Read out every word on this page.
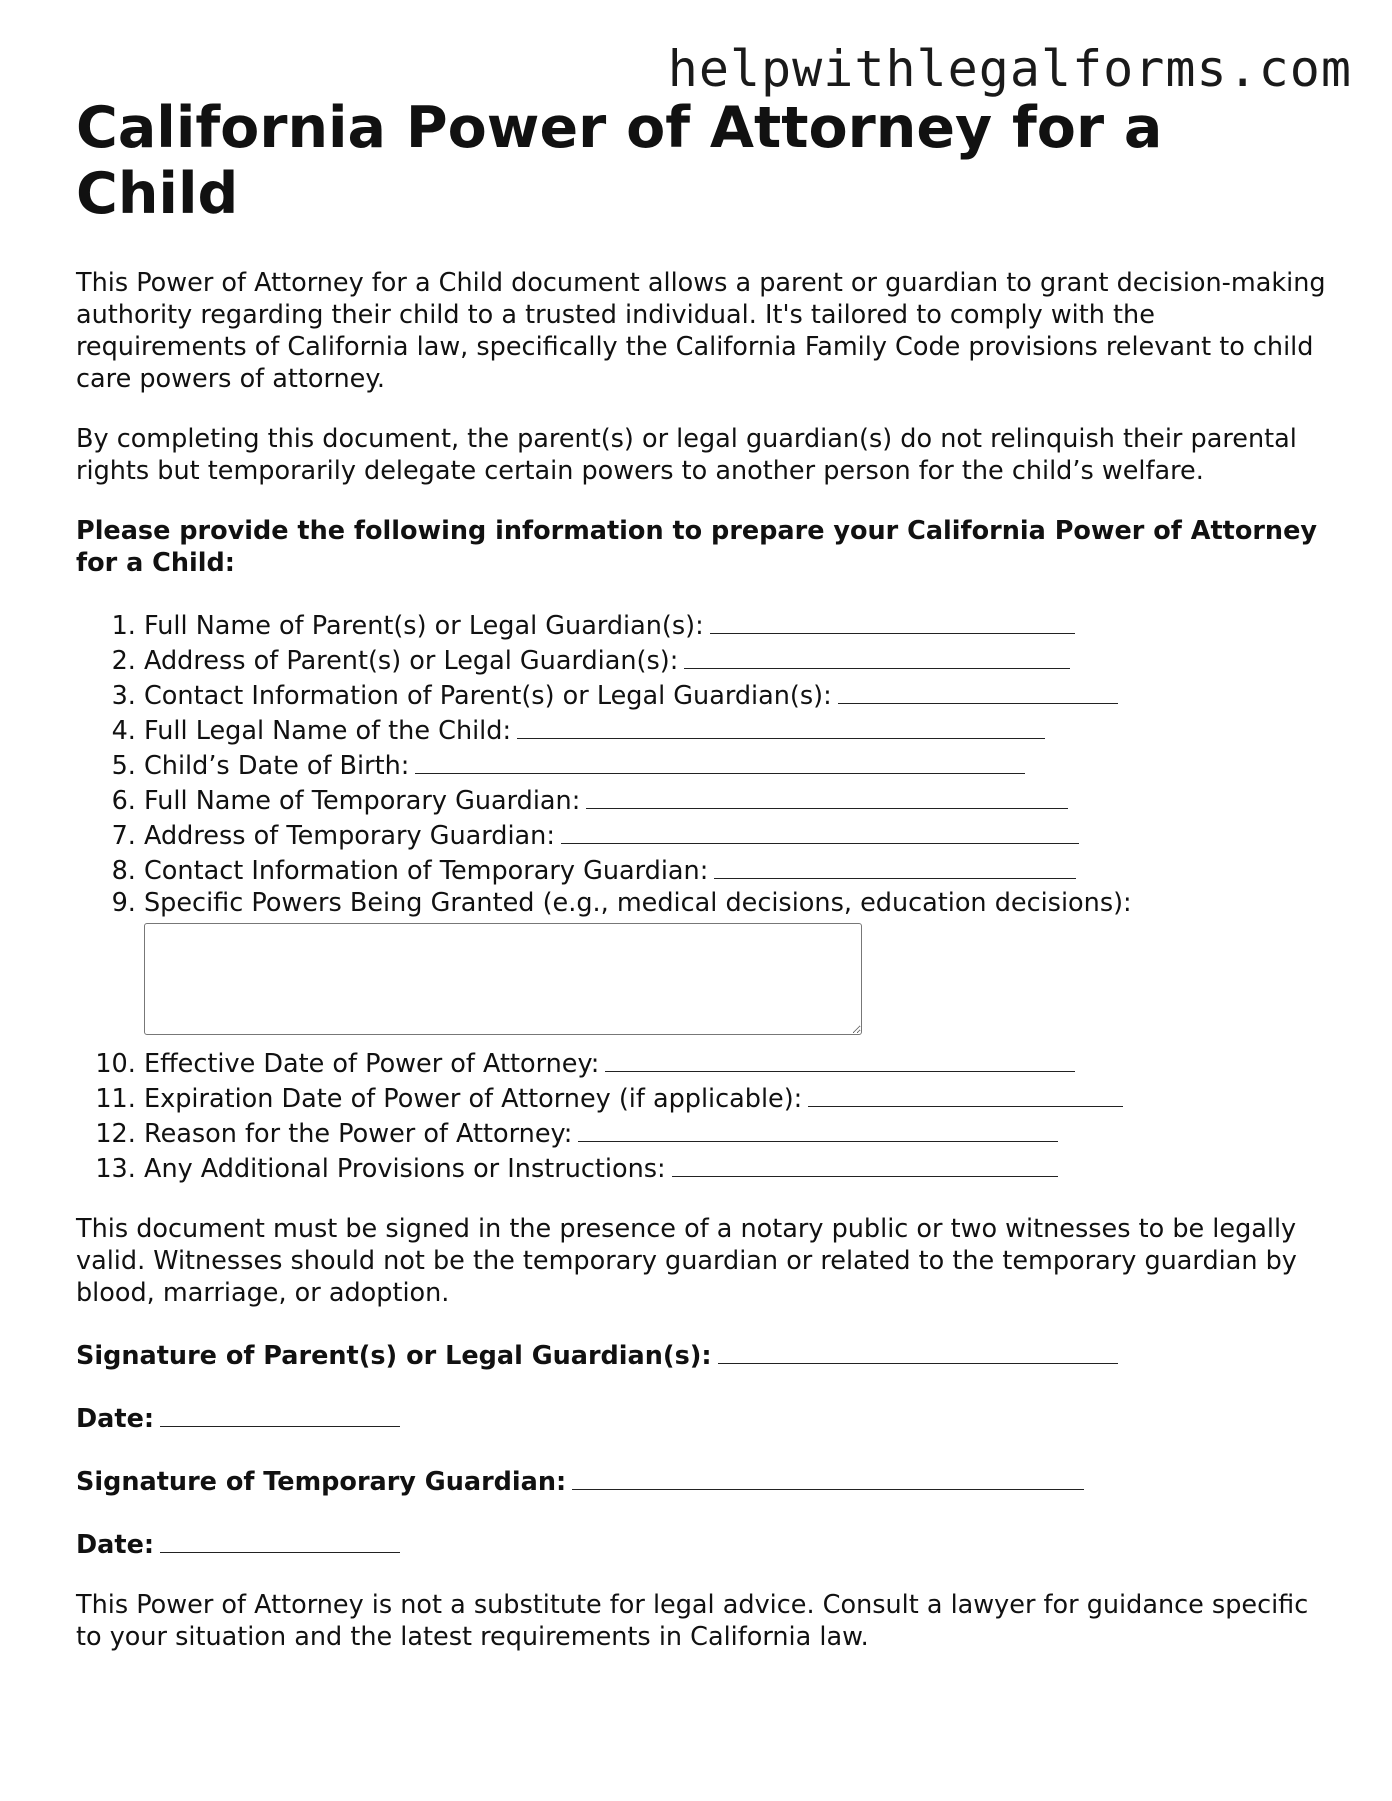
helpwithlegalforms.com
California Power of Attorney for a Child

This Power of Attorney for a Child document allows a parent or guardian to grant decision-making authority regarding their child to a trusted individual. It's tailored to comply with the requirements of California law, specifically the California Family Code provisions relevant to child care powers of attorney.

By completing this document, the parent(s) or legal guardian(s) do not relinquish their parental rights but temporarily delegate certain powers to another person for the child’s welfare.

Please provide the following information to prepare your California Power of Attorney for a Child:

1. Full Name of Parent(s) or Legal Guardian(s):
2. Address of Parent(s) or Legal Guardian(s):
3. Contact Information of Parent(s) or Legal Guardian(s):
4. Full Legal Name of the Child:
5. Child’s Date of Birth:
6. Full Name of Temporary Guardian:
7. Address of Temporary Guardian:
8. Contact Information of Temporary Guardian:
9. Specific Powers Being Granted (e.g., medical decisions, education decisions):
10. Effective Date of Power of Attorney:
11. Expiration Date of Power of Attorney (if applicable):
12. Reason for the Power of Attorney:
13. Any Additional Provisions or Instructions:

This document must be signed in the presence of a notary public or two witnesses to be legally valid. Witnesses should not be the temporary guardian or related to the temporary guardian by blood, marriage, or adoption.

Signature of Parent(s) or Legal Guardian(s):
Date:
Signature of Temporary Guardian:
Date:

This Power of Attorney is not a substitute for legal advice. Consult a lawyer for guidance specific to your situation and the latest requirements in California law.
